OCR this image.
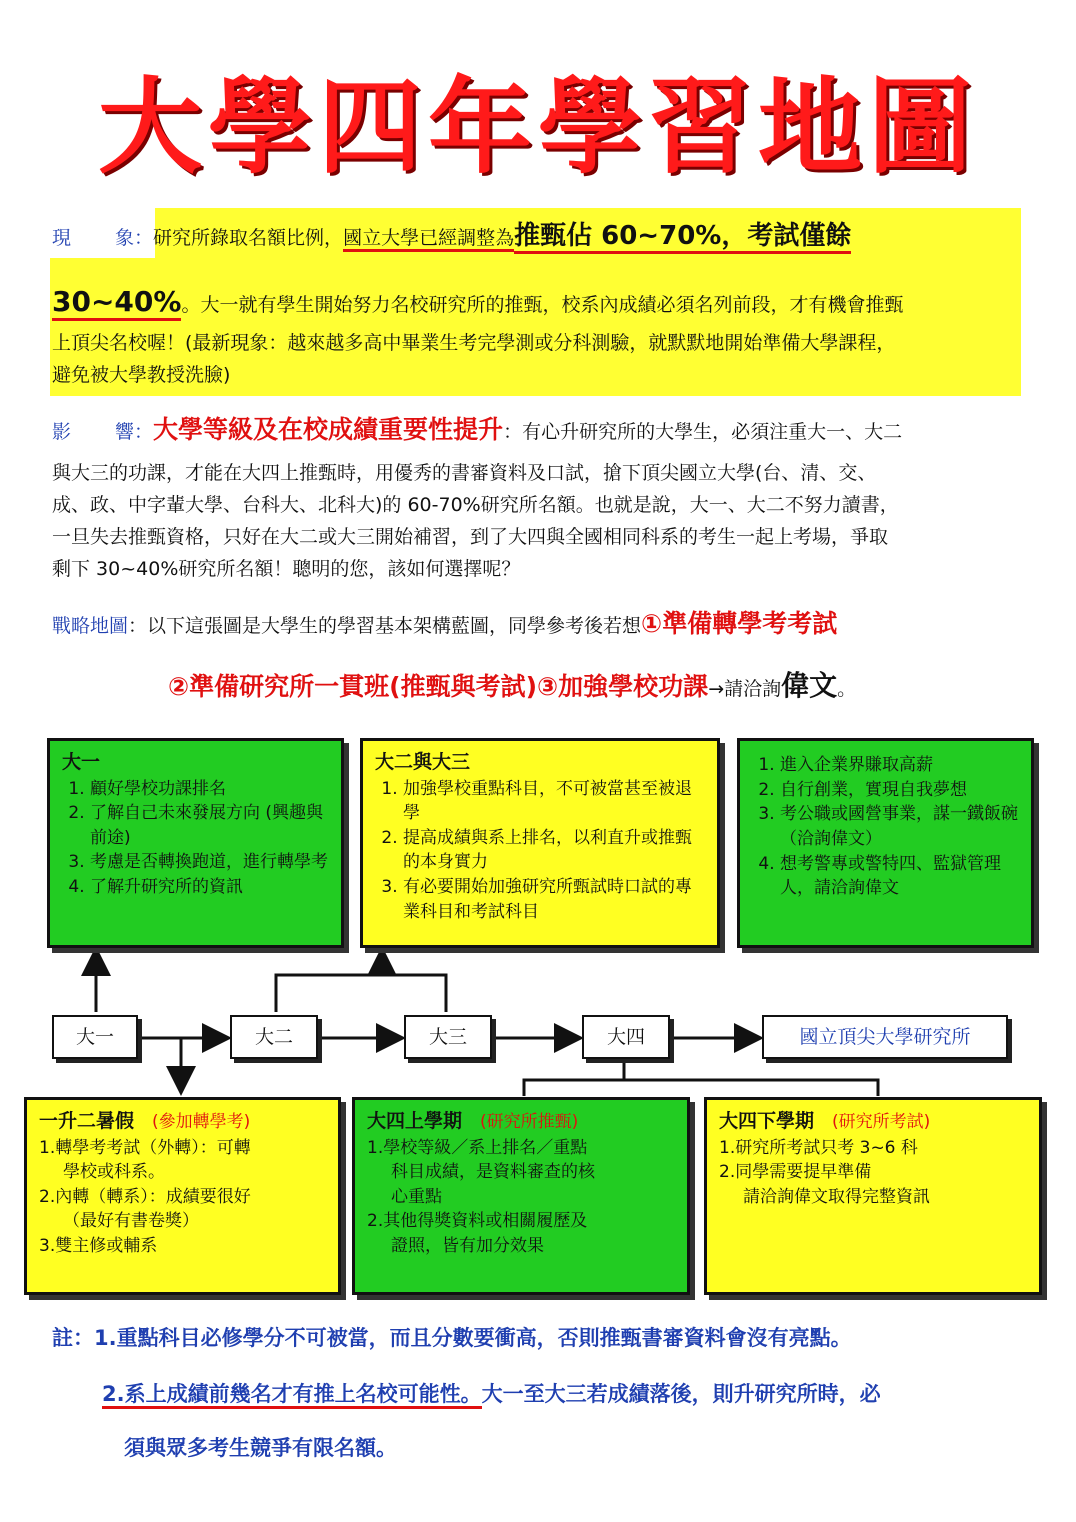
大學四年學習地圖
現 象：研究所錄取名額比例，國立大學已經調整為推甄佔 60~70%，考試僅餘
30~40%。大一就有學生開始努力名校研究所的推甄，校系內成績必須名列前段，才有機會推甄
上頂尖名校喔！(最新現象：越來越多高中畢業生考完學測或分科測驗，就默默地開始準備大學課程，
避免被大學教授洗臉)
影 響：大學等級及在校成績重要性提升：有心升研究所的大學生，必須注重大一、大二
與大三的功課，才能在大四上推甄時，用優秀的書審資料及口試，搶下頂尖國立大學(台、清、交、
成、政、中字輩大學、台科大、北科大)的 60-70%研究所名額。也就是說，大一、大二不努力讀書，
一旦失去推甄資格，只好在大二或大三開始補習，到了大四與全國相同科系的考生一起上考場，爭取
剩下 30~40%研究所名額！聰明的您，該如何選擇呢？
戰略地圖：以下這張圖是大學生的學習基本架構藍圖，同學參考後若想①準備轉學考考試
②準備研究所一貫班(推甄與考試)③加強學校功課→請洽詢偉文。
大一
1. 顧好學校功課排名
2. 了解自己未來發展方向 (興趣與前途)
3. 考慮是否轉換跑道，進行轉學考
4. 了解升研究所的資訊
大二與大三
1. 加強學校重點科目，不可被當甚至被退學
2. 提高成績與系上排名，以利直升或推甄的本身實力
3. 有必要開始加強研究所甄試時口試的專業科目和考試科目
1. 進入企業界賺取高薪
2. 自行創業，實現自我夢想
3. 考公職或國營事業，謀一鐵飯碗（洽詢偉文）
4. 想考警專或警特四、監獄管理人，請洽詢偉文
大一	大二	大三	大四	國立頂尖大學研究所
一升二暑假 (參加轉學考)
1.轉學考考試（外轉）：可轉
學校或科系。
2.內轉（轉系）：成績要很好
（最好有書卷獎）
3.雙主修或輔系
大四上學期 (研究所推甄)
1.學校等級／系上排名／重點
科目成績，是資料審查的核
心重點
2.其他得獎資料或相關履歷及
證照，皆有加分效果
大四下學期 (研究所考試)
1.研究所考試只考 3~6 科
2.同學需要提早準備
請洽詢偉文取得完整資訊
註：1.重點科目必修學分不可被當，而且分數要衝高，否則推甄書審資料會沒有亮點。
2.系上成績前幾名才有推上名校可能性。大一至大三若成績落後，則升研究所時，必
須與眾多考生競爭有限名額。
